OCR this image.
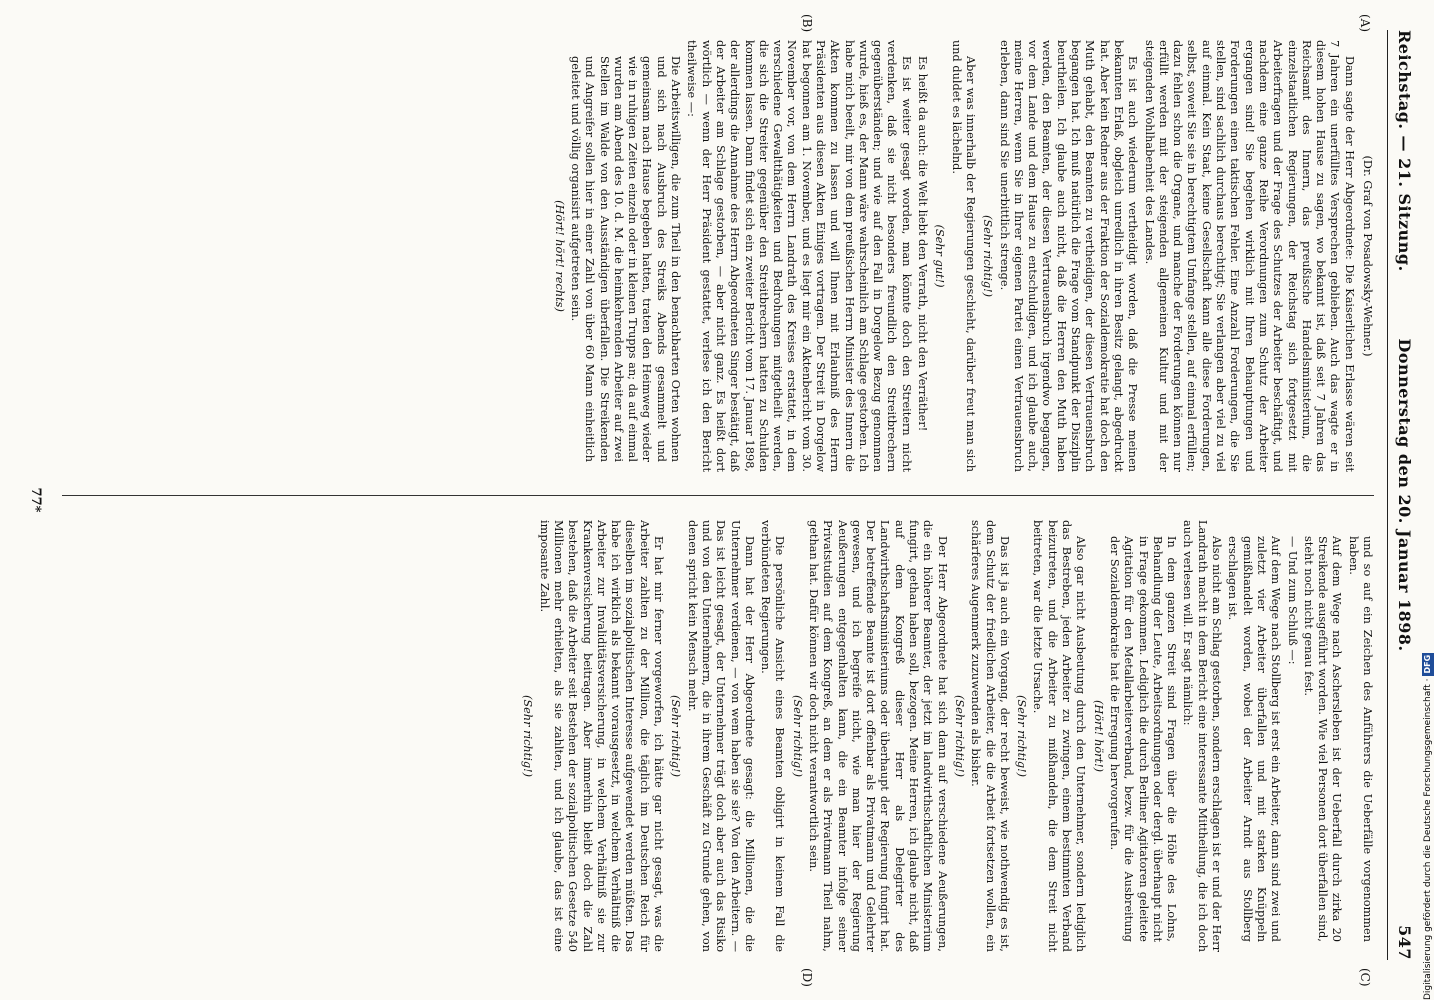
Reichstag. — 21. Sitzung.
Donnerstag den 20. Januar 1898.
547
(A)
(B)
(C)
(D)

(Dr. Graf von Posadowsky-Wehner.)

Dann sagte der Herr Abgeordnete: Die Kaiserlichen Erlasse wären seit 7 Jahren ein unerfülltes Versprechen geblieben. Auch das wagte er in diesem hohen Hause zu sagen, wo bekannt ist, daß seit 7 Jahren das Reichsamt des Innern, das preußische Handelsministerium, die einzelstaatlichen Regierungen, der Reichstag sich fortgesetzt mit Arbeiterfragen und der Frage des Schutzes der Arbeiter beschäftigt, und nachdem eine ganze Reihe Verordnungen zum Schutz der Arbeiter ergangen sind! Sie begehen wirklich mit Ihren Behauptungen und Forderungen einen taktischen Fehler. Eine Anzahl Forderungen, die Sie stellen, sind sachlich durchaus berechtigt; Sie verlangen aber viel zu viel auf einmal. Kein Staat, keine Gesellschaft kann alle diese Forderungen, selbst, soweit Sie sie in berechtigtem Umfange stellen, auf einmal erfüllen; dazu fehlen schon die Organe, und manche der Forderungen können nur erfüllt werden mit der steigenden allgemeinen Kultur und mit der steigenden Wohlhabenheit des Landes.

Es ist auch wiederum vertheidigt worden, daß die Presse meinen bekannten Erlaß, obgleich unredlich in ihren Besitz gelangt, abgedruckt hat. Aber kein Redner aus der Fraktion der Sozialdemokratie hat doch den Muth gehabt, den Beamten zu vertheidigen, der diesen Vertrauensbruch begangen hat. Ich muß natürlich die Frage vom Standpunkt der Disziplin beurtheilen. Ich glaube auch nicht, daß die Herren den Muth haben werden, den Beamten, der diesen Vertrauensbruch irgendwo begangen, vor dem Lande und dem Hause zu entschuldigen, und ich glaube auch, meine Herren, wenn Sie in Ihrer eigenen Partei einen Vertrauensbruch erleben, dann sind Sie unerbittlich strenge.

(Sehr richtig!)

Aber was innerhalb der Regierungen geschieht, darüber freut man sich und duldet es lächelnd.

(Sehr gut!)

Es heißt da auch: die Welt liebt den Verrath, nicht den Verräther!

Es ist weiter gesagt worden, man könnte doch den Streitern nicht verdenken, daß sie nicht besonders freundlich den Streitbrechern gegenüberständen; und wie auf den Fall in Dorgelow Bezug genommen wurde, hieß es, der Mann wäre wahrscheinlich am Schlage gestorben. Ich habe mich beeilt, mir von dem preußischen Herrn Minister des Innern die Akten kommen zu lassen und will Ihnen mit Erlaubniß des Herrn Präsidenten aus diesen Akten Einiges vortragen. Der Streit in Dorgelow hat begonnen am 1. November, und es liegt mir ein Aktenbericht vom 30. November vor, von dem Herrn Landrath des Kreises erstattet, in dem verschiedene Gewaltthätigkeiten und Bedrohungen mitgetheilt werden, die sich die Streiter gegenüber den Streitbrechern hatten zu Schulden kommen lassen. Dann findet sich ein zweiter Bericht vom 17. Januar 1898, der allerdings die Annahme des Herrn Abgeordneten Singer bestätigt, daß der Arbeiter am Schlage gestorben, — aber nicht ganz. Es heißt dort wörtlich — wenn der Herr Präsident gestattet, verlese ich den Bericht theilweise —:

Die Arbeitswilligen, die zum Theil in den benachbarten Orten wohnen und sich nach Ausbruch des Streiks Abends gesammelt und gemeinsam nach Hause begeben hatten, traten den Heimweg wieder wie in ruhigen Zeiten einzeln oder in kleinen Trupps an; da auf einmal wurden am Abend des 10. d. M. die heimkehrenden Arbeiter auf zwei Stellen im Walde von den Ausständigen überfallen. Die Streikenden und Angreifer sollen hier in einer Zahl von über 60 Mann einheitlich geleitet und völlig organisirt aufgetreten sein.

(Hört! hört! rechts)

und so auf ein Zeichen des Anführers die Ueberfälle vorgenommen haben.

Auf dem Wege nach Aschersleben ist der Ueberfall durch zirka 20 Streikende ausgeführt worden. Wie viel Personen dort überfallen sind, steht noch nicht genau fest.

— Und zum Schluß —:

Auf dem Wege nach Stollberg ist erst ein Arbeiter, dann sind zwei und zuletzt vier Arbeiter überfallen und mit starken Knüppeln gemißhandelt worden, wobei der Arbeiter Arndt aus Stollberg erschlagen ist.

Also nicht am Schlag gestorben, sondern erschlagen ist er und der Herr Landrath macht in dem Bericht eine interessante Mittheilung, die ich doch auch verlesen will. Er sagt nämlich:

In dem ganzen Streit sind Fragen über die Höhe des Lohns, Behandlung der Leute, Arbeitsordnungen oder dergl. überhaupt nicht in Frage gekommen. Lediglich die durch Berliner Agitatoren geleitete Agitation für den Metallarbeiterverband, bezw. für die Ausbreitung der Sozialdemokratie hat die Erregung hervorgerufen.

(Hört! hört!)

Also gar nicht Ausbeutung durch den Unternehmer, sondern lediglich das Bestreben, jeden Arbeiter zu zwingen, einem bestimmten Verband beizutreten, und die Arbeiter zu mißhandeln, die dem Streit nicht beitreten, war die letzte Ursache.

(Sehr richtig!)

Das ist ja auch ein Vorgang, der recht beweist, wie nothwendig es ist, dem Schutz der friedlichen Arbeiter, die die Arbeit fortsetzen wollen, ein schärferes Augenmerk zuzuwenden als bisher.

(Sehr richtig!)

Der Herr Abgeordnete hat sich dann auf verschiedene Aeußerungen, die ein höherer Beamter, der jetzt im landwirthschaftlichen Ministerium fungirt, gethan haben soll, bezogen. Meine Herren, ich glaube nicht, daß auf dem Kongreß dieser Herr als Delegirter des Landwirthschaftsministeriums oder überhaupt der Regierung fungirt hat. Der betreffende Beamte ist dort offenbar als Privatmann und Gelehrter gewesen, und ich begreife nicht, wie man hier der Regierung Aeußerungen entgegenhalten kann, die ein Beamter infolge seiner Privatstudien auf dem Kongreß, an dem er als Privatmann Theil nahm, gethan hat. Dafür können wir doch nicht verantwortlich sein.

(Sehr richtig!)

Die persönliche Ansicht eines Beamten obligirt in keinem Fall die verbündeten Regierungen.

Dann hat der Herr Abgeordnete gesagt: die Millionen, die die Unternehmer verdienen, — von wem haben sie sie? Von den Arbeitern. — Das ist leicht gesagt, der Unternehmer trägt doch aber auch das Risiko und von den Unternehmern, die in ihrem Geschäft zu Grunde gehen, von denen spricht kein Mensch mehr.

(Sehr richtig!)

Er hat mir ferner vorgeworfen, ich hätte gar nicht gesagt, was die Arbeiter zahlten zu der Million, die täglich im Deutschen Reich für dieselben im sozialpolitischen Interesse aufgewendet werden müßten. Das habe ich wirklich als bekannt vorausgesetzt, in welchem Verhältniß die Arbeiter zur Invaliditätsversicherung, in welchem Verhältniß sie zur Krankenversicherung beitragen. Aber immerhin bleibt doch die Zahl bestehen, daß die Arbeiter seit Bestehen der sozialpolitischen Gesetze 540 Millionen mehr erhielten, als sie zahlten, und ich glaube, das ist eine imposante Zahl.

(Sehr richtig!)

77*
Digitalisierung gefördert durch die Deutsche Forschungsgemeinschaft ·DFG
